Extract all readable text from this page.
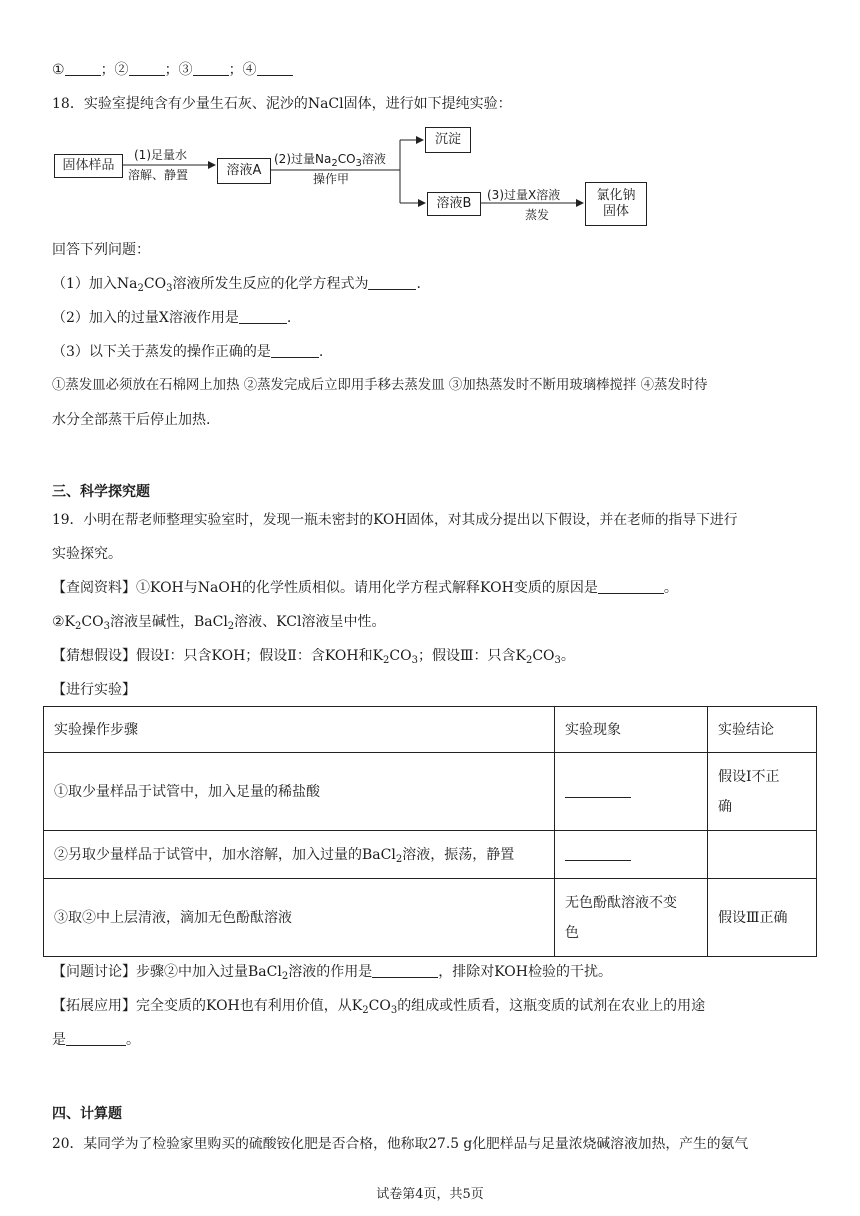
①	；②	；③	；④
18．实验室提纯含有少量生石灰、泥沙的NaCl固体，进行如下提纯实验：
固体样品
(1)足量水
溶解、静置	溶液A
(2)过量$Na_2CO_3$溶液
操作甲
沉淀
溶液B
(3)过量X溶液
蒸发
氯化钠
固体
回答下列问题：
（1）加入$Na_2CO_3$溶液所发生反应的化学方程式为	.
（2）加入的过量X溶液作用是	.
（3）以下关于蒸发的操作正确的是	.
①蒸发皿必须放在石棉网上加热 ②蒸发完成后立即用手移去蒸发皿 ③加热蒸发时不断用玻璃棒搅拌 ④蒸发时待
水分全部蒸干后停止加热.
三、科学探究题
19．小明在帮老师整理实验室时，发现一瓶未密封的KOH固体，对其成分提出以下假设，并在老师的指导下进行
实验探究。
【查阅资料】①KOH与NaOH的化学性质相似。请用化学方程式解释KOH变质的原因是	。
$②K_2CO_3$溶液呈碱性，BaCl$_2$溶液、KCl溶液呈中性。
【猜想假设】假设Ⅰ：只含KOH；假设Ⅱ：含KOH和$K_2CO_3$；假设Ⅲ：只含$K_2CO_3$。
【进行实验】
实验操作步骤	实验现象	实验结论
①取少量样品于试管中，加入足量的稀盐酸		假设Ⅰ不正
确

②另取少量样品于试管中，加水溶解，加入过量的BaCl$_2$溶液，振荡，静置		
③取②中上层清液，滴加无色酚酞溶液	无色酚酞溶液不变
色	假设Ⅲ正确
【问题讨论】步骤②中加入过量BaCl$_2$溶液的作用是	，排除对KOH检验的干扰。
【拓展应用】完全变质的KOH也有利用价值，从$K_2CO_3$的组成或性质看，这瓶变质的试剂在农业上的用途
是	。
四、计算题
20．某同学为了检验家里购买的硫酸铵化肥是否合格，他称取27.5 g化肥样品与足量浓烧碱溶液加热，产生的氨气
试卷第4页，共5页
